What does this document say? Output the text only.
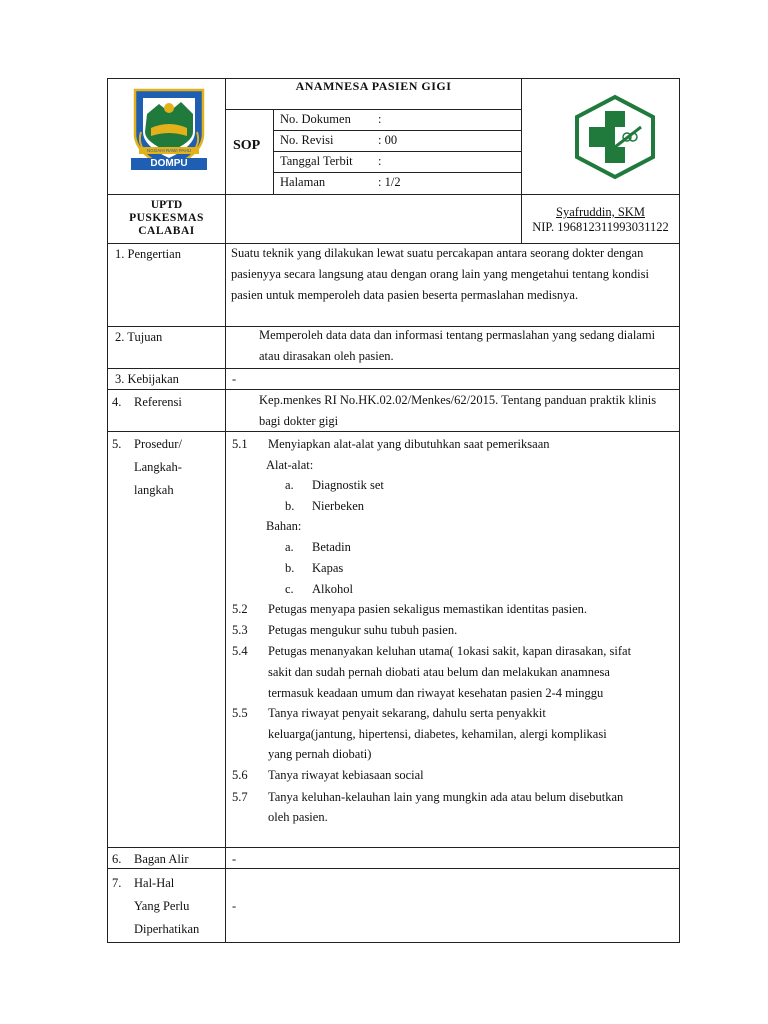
NGGAHI RAWI PAHU
DOMPU
ANAMNESA PASIEN GIGI
SOP
No. Dokumen :
No. Revisi	: 00
Tanggal Terbit :
Halaman	: 1/2
UPTD
PUSKESMAS
CALABAI
Syafruddin, SKM
NIP. 196812311993031122
1. Pengertian	Suatu teknik yang dilakukan lewat suatu percakapan antara seorang dokter dengan pasienyya secara langsung atau dengan orang lain yang mengetahui tentang kondisi pasien untuk memperoleh data pasien beserta permaslahan medisnya.
2. Tujuan	Memperoleh data data dan informasi tentang permaslahan yang sedang dialami atau dirasakan oleh pasien.
3. Kebijakan	-
4. Referensi	Kep.menkes RI No.HK.02.02/Menkes/62/2015. Tentang panduan praktik klinis bagi dokter gigi
5. Prosedur/
Langkah-
langkah
5.1 Menyiapkan alat-alat yang dibutuhkan saat pemeriksaan
Alat-alat:
a. Diagnostik set
b. Nierbeken
Bahan:
a. Betadin
b. Kapas
c. Alkohol
5.2 Petugas menyapa pasien sekaligus memastikan identitas pasien.
5.3 Petugas mengukur suhu tubuh pasien.
5.4 Petugas menanyakan keluhan utama( 1okasi sakit, kapan dirasakan, sifat
sakit dan sudah pernah diobati atau belum dan melakukan anamnesa
termasuk keadaan umum dan riwayat kesehatan pasien 2-4 minggu
5.5 Tanya riwayat penyait sekarang, dahulu serta penyakkit
keluarga(jantung, hipertensi, diabetes, kehamilan, alergi komplikasi
yang pernah diobati)
5.6 Tanya riwayat kebiasaan social
5.7 Tanya keluhan-kelauhan lain yang mungkin ada atau belum disebutkan
oleh pasien.
6. Bagan Alir	-
7. Hal-Hal
Yang Perlu
Diperhatikan
-
